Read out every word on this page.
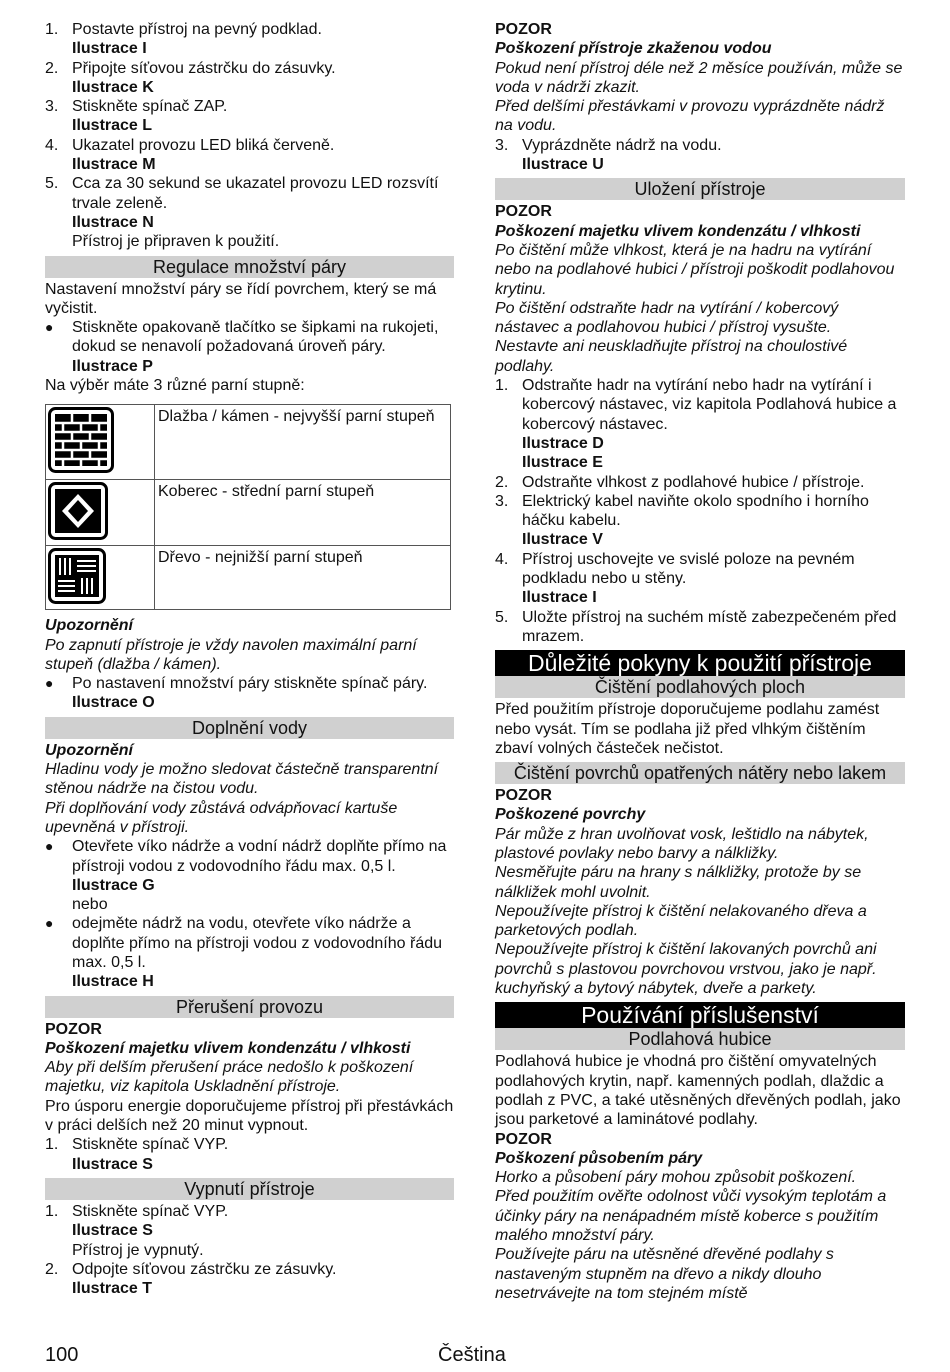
1. Postavte přístroj na pevný podklad.
Ilustrace I
2. Připojte síťovou zástrčku do zásuvky.
Ilustrace K
3. Stiskněte spínač ZAP.
Ilustrace L
4. Ukazatel provozu LED bliká červeně.
Ilustrace M
5. Cca za 30 sekund se ukazatel provozu LED rozsvítí trvale zeleně.
Ilustrace N
Přístroj je připraven k použití.
Regulace množství páry

Nastavení množství páry se řídí povrchem, který se má vyčistit.

●	Stiskněte opakovaně tlačítko se šipkami na rukojeti, dokud se nenavolí požadovaná úroveň páry.
Ilustrace P

Na výběr máte 3 různé parní stupně:

	Dlažba / kámen - nejvyšší parní stupeň
	Koberec - střední parní stupeň
	Dřevo - nejnižší parní stupeň

Upozornění

Po zapnutí přístroje je vždy navolen maximální parní stupeň (dlažba / kámen).

●	Po nastavení množství páry stiskněte spínač páry.
Ilustrace O
Doplnění vody

Upozornění

Hladinu vody je možno sledovat částečně transparentní stěnou nádrže na čistou vodu.

Při doplňování vody zůstává odvápňovací kartuše upevněná v přístroji.

●	Otevřete víko nádrže a vodní nádrž doplňte přímo na přístroji vodou z vodovodního řádu max. 0,5 l.
Ilustrace G
nebo
●	odejměte nádrž na vodu, otevřete víko nádrže a doplňte přímo na přístroji vodou z vodovodního řádu max. 0,5 l.
Ilustrace H
Přerušení provozu

POZOR

Poškození majetku vlivem kondenzátu / vlhkosti

Aby při delším přerušení práce nedošlo k poškození majetku, viz kapitola Uskladnění přístroje.

Pro úsporu energie doporučujeme přístroj při přestávkách v práci delších než 20 minut vypnout.

1. Stiskněte spínač VYP.
Ilustrace S
Vypnutí přístroje
1. Stiskněte spínač VYP.
Ilustrace S
Přístroj je vypnutý.
2. Odpojte síťovou zástrčku ze zásuvky.
Ilustrace T

POZOR

Poškození přístroje zkaženou vodou

Pokud není přístroj déle než 2 měsíce používán, může se voda v nádrži zkazit.

Před delšími přestávkami v provozu vyprázdněte nádrž na vodu.

3. Vyprázdněte nádrž na vodu.
Ilustrace U
Uložení přístroje

POZOR

Poškození majetku vlivem kondenzátu / vlhkosti

Po čištění může vlhkost, která je na hadru na vytírání nebo na podlahové hubici / přístroji poškodit podlahovou krytinu.

Po čištění odstraňte hadr na vytírání / kobercový nástavec a podlahovou hubici / přístroj vysušte.

Nestavte ani neuskladňujte přístroj na choulostivé podlahy.

1. Odstraňte hadr na vytírání nebo hadr na vytírání i kobercový nástavec, viz kapitola Podlahová hubice a kobercový nástavec.
Ilustrace D
Ilustrace E
2. Odstraňte vlhkost z podlahové hubice / přístroje.
3. Elektrický kabel naviňte okolo spodního i horního háčku kabelu.
Ilustrace V
4. Přístroj uschovejte ve svislé poloze na pevném podkladu nebo u stěny.
Ilustrace I
5. Uložte přístroj na suchém místě zabezpečeném před mrazem.
Důležité pokyny k použití přístroje
Čištění podlahových ploch

Před použitím přístroje doporučujeme podlahu zamést nebo vysát. Tím se podlaha již před vlhkým čištěním zbaví volných částeček nečistot.

Čištění povrchů opatřených nátěry nebo lakem

POZOR

Poškozené povrchy

Pár může z hran uvolňovat vosk, leštidlo na nábytek, plastové povlaky nebo barvy a nálkližky.

Nesměřujte páru na hrany s nálkližky, protože by se nálkližek mohl uvolnit.

Nepoužívejte přístroj k čištění nelakovaného dřeva a parketových podlah.

Nepoužívejte přístroj k čištění lakovaných povrchů ani povrchů s plastovou povrchovou vrstvou, jako je např. kuchyňský a bytový nábytek, dveře a parkety.

Používání příslušenství
Podlahová hubice

Podlahová hubice je vhodná pro čištění omyvatelných podlahových krytin, např. kamenných podlah, dlaždic a podlah z PVC, a také utěsněných dřevěných podlah, jako jsou parketové a laminátové podlahy.

POZOR

Poškození působením páry

Horko a působení páry mohou způsobit poškození.

Před použitím ověřte odolnost vůči vysokým teplotám a účinky páry na nenápadném místě koberce s použitím malého množství páry.

Používejte páru na utěsněné dřevěné podlahy s nastaveným stupněm na dřevo a nikdy dlouho nesetrvávejte na tom stejném místě

100	Čeština
